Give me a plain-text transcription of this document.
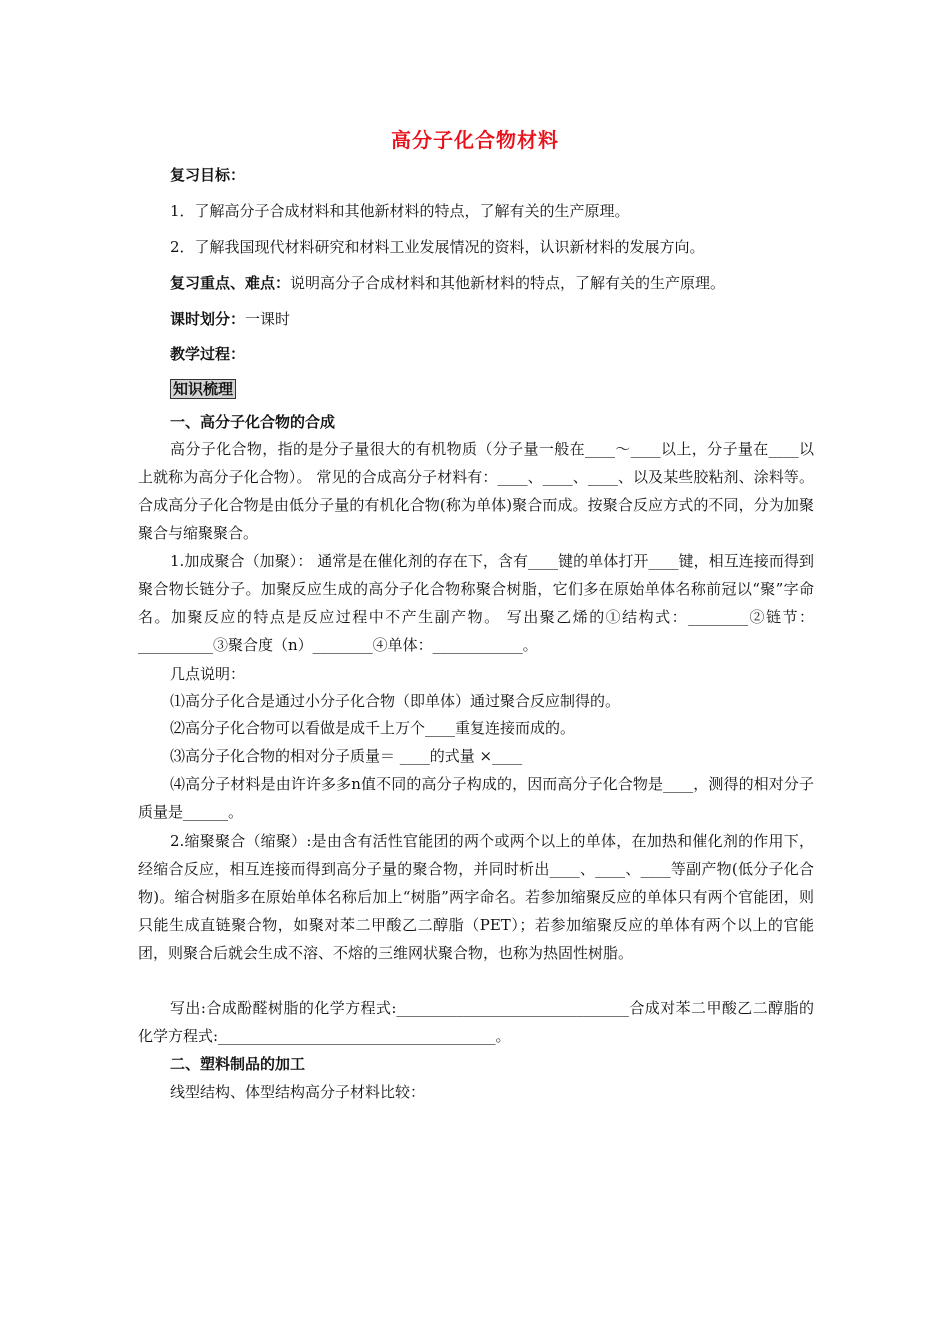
高分子化合物材料
复习目标：
1．了解高分子合成材料和其他新材料的特点，了解有关的生产原理。
2．了解我国现代材料研究和材料工业发展情况的资料，认识新材料的发展方向。
复习重点、难点：说明高分子合成材料和其他新材料的特点，了解有关的生产原理。
课时划分：一课时
教学过程：
知识梳理
一、高分子化合物的合成
高分子化合物，指的是分子量很大的有机物质（分子量一般在____～____以上，分子量在____以上就称为高分子化合物）。 常见的合成高分子材料有：____、____、____、以及某些胶粘剂、涂料等。 合成高分子化合物是由低分子量的有机化合物(称为单体)聚合而成。按聚合反应方式的不同，分为加聚聚合与缩聚聚合。
1.加成聚合（加聚）： 通常是在催化剂的存在下，含有____键的单体打开____键，相互连接而得到聚合物长链分子。加聚反应生成的高分子化合物称聚合树脂，它们多在原始单体名称前冠以“聚”字命名。加聚反应的特点是反应过程中不产生副产物。 写出聚乙烯的①结构式：________②链节：__________③聚合度（n）________④单体：____________。
几点说明：
⑴高分子化合是通过小分子化合物（即单体）通过聚合反应制得的。
⑵高分子化合物可以看做是成千上万个____重复连接而成的。
⑶高分子化合物的相对分子质量＝ ____的式量 ×____
⑷高分子材料是由许许多多n值不同的高分子构成的，因而高分子化合物是____，测得的相对分子质量是______。
2.缩聚聚合（缩聚）:是由含有活性官能团的两个或两个以上的单体，在加热和催化剂的作用下，经缩合反应，相互连接而得到高分子量的聚合物，并同时析出____、____、____等副产物(低分子化合物)。缩合树脂多在原始单体名称后加上“树脂”两字命名。若参加缩聚反应的单体只有两个官能团，则只能生成直链聚合物，如聚对苯二甲酸乙二醇脂（PET）；若参加缩聚反应的单体有两个以上的官能团，则聚合后就会生成不溶、不熔的三维网状聚合物，也称为热固性树脂。
写出:合成酚醛树脂的化学方程式:_______________________________合成对苯二甲酸乙二醇脂的化学方程式:_____________________________________。
二、塑料制品的加工
线型结构、体型结构高分子材料比较：
